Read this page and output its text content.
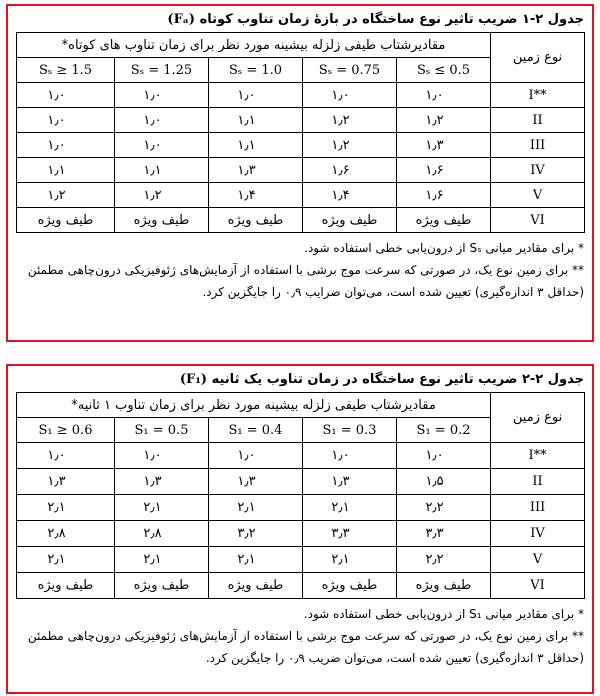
جدول ۲-۱ ضریب تاثیر نوع ساختگاه در بازۀ زمان تناوب کوتاه (Fₐ)
مقادیرشتاب طیفی زلزله بیشینه مورد نظر برای زمان تناوب های کوتاه*					نوع زمین
Sₛ ≥ 1.5	Sₛ = 1.25	Sₛ = 1.0	Sₛ = 0.75	Sₛ ≤ 0.5	
۱٫۰	۱٫۰	۱٫۰	۱٫۰	۱٫۰	I**
۱٫۰	۱٫۰	۱٫۱	۱٫۲	۱٫۲	II
۱٫۰	۱٫۰	۱٫۱	۱٫۲	۱٫۳	III
۱٫۱	۱٫۱	۱٫۳	۱٫۶	۱٫۶	IV
۱٫۲	۱٫۲	۱٫۴	۱٫۴	۱٫۶	V
طیف ویژه	طیف ویژه	طیف ویژه	طیف ویژه	طیف ویژه	VI
* برای مقادیر میانی Sₛ از درون‌یابی خطی استفاده شود.
** برای زمین نوع یک، در صورتی که سرعت موج برشی با استفاده از آزمایش‌های ژئوفیزیکی درون‌چاهی مطمئن
(حداقل ۳ اندازه‌گیری) تعیین شده است، می‌توان ضرایب ۰٫۹ را جایگزین کرد.
جدول ۲-۲ ضریب تاثیر نوع ساختگاه در زمان تناوب یک ثانیه (F₁)
مقادیرشتاب طیفی زلزله بیشینه مورد نظر برای زمان تناوب ۱ ثانیه*					نوع زمین
S₁ ≥ 0.6	S₁ = 0.5	S₁ = 0.4	S₁ = 0.3	S₁ = 0.2	
۱٫۰	۱٫۰	۱٫۰	۱٫۰	۱٫۰	I**
۱٫۳	۱٫۳	۱٫۳	۱٫۳	۱٫۵	II
۲٫۱	۲٫۱	۲٫۱	۲٫۱	۲٫۲	III
۲٫۸	۲٫۸	۳٫۲	۳٫۳	۳٫۳	IV
۲٫۱	۲٫۱	۲٫۱	۲٫۱	۲٫۲	V
طیف ویژه	طیف ویژه	طیف ویژه	طیف ویژه	طیف ویژه	VI
* برای مقادیر میانی S₁ از درون‌یابی خطی استفاده شود.
** برای زمین نوع یک، در صورتی که سرعت موج برشی با استفاده از آزمایش‌های ژئوفیزیکی درون‌چاهی مطمئن
(حداقل ۳ اندازه‌گیری) تعیین شده است، می‌توان ضریب ۰٫۹ را جایگزین کرد.
